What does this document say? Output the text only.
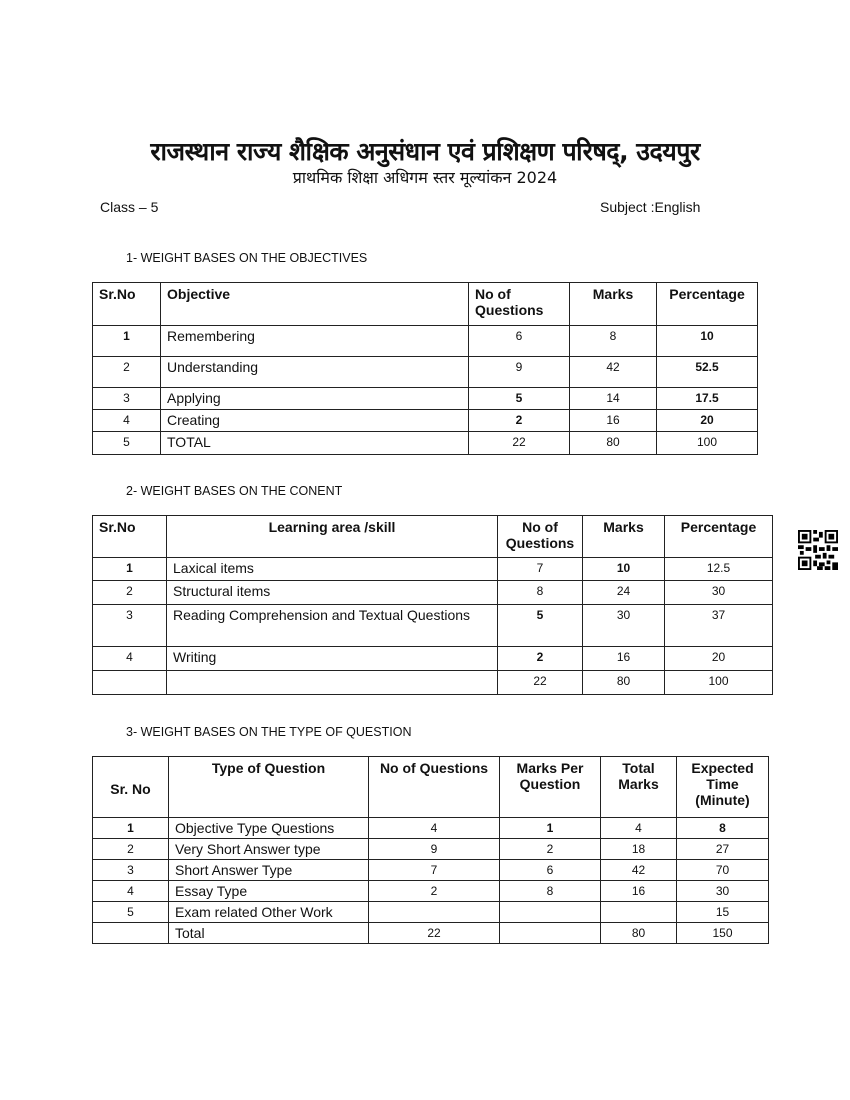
राजस्थान राज्य शैक्षिक अनुसंधान एवं प्रशिक्षण परिषद्, उदयपुर
प्राथमिक शिक्षा अधिगम स्तर मूल्यांकन 2024
Class – 5	Subject :English
1- WEIGHT BASES ON THE OBJECTIVES
2- WEIGHT BASES ON THE CONENT
3- WEIGHT BASES ON THE TYPE OF QUESTION
Sr.No	Objective	No of Questions	Marks	Percentage
1	Remembering	6	8	10
2	Understanding	9	42	52.5
3	Applying	5	14	17.5
4	Creating	2	16	20
5	TOTAL	22	80	100
Sr.No	Learning area /skill	No of Questions	Marks	Percentage
1	Laxical items	7	10	12.5
2	Structural items	8	24	30
3	Reading Comprehension and Textual Questions	5	30	37
4	Writing	2	16	20
		22	80	100
Sr. No	Type of Question	No of Questions	Marks Per Question	Total Marks	Expected Time (Minute)
1	Objective Type Questions	4	1	4	8
2	Very Short Answer type	9	2	18	27
3	Short Answer Type	7	6	42	70
4	Essay Type	2	8	16	30
5	Exam related Other Work				15
	Total	22		80	150
